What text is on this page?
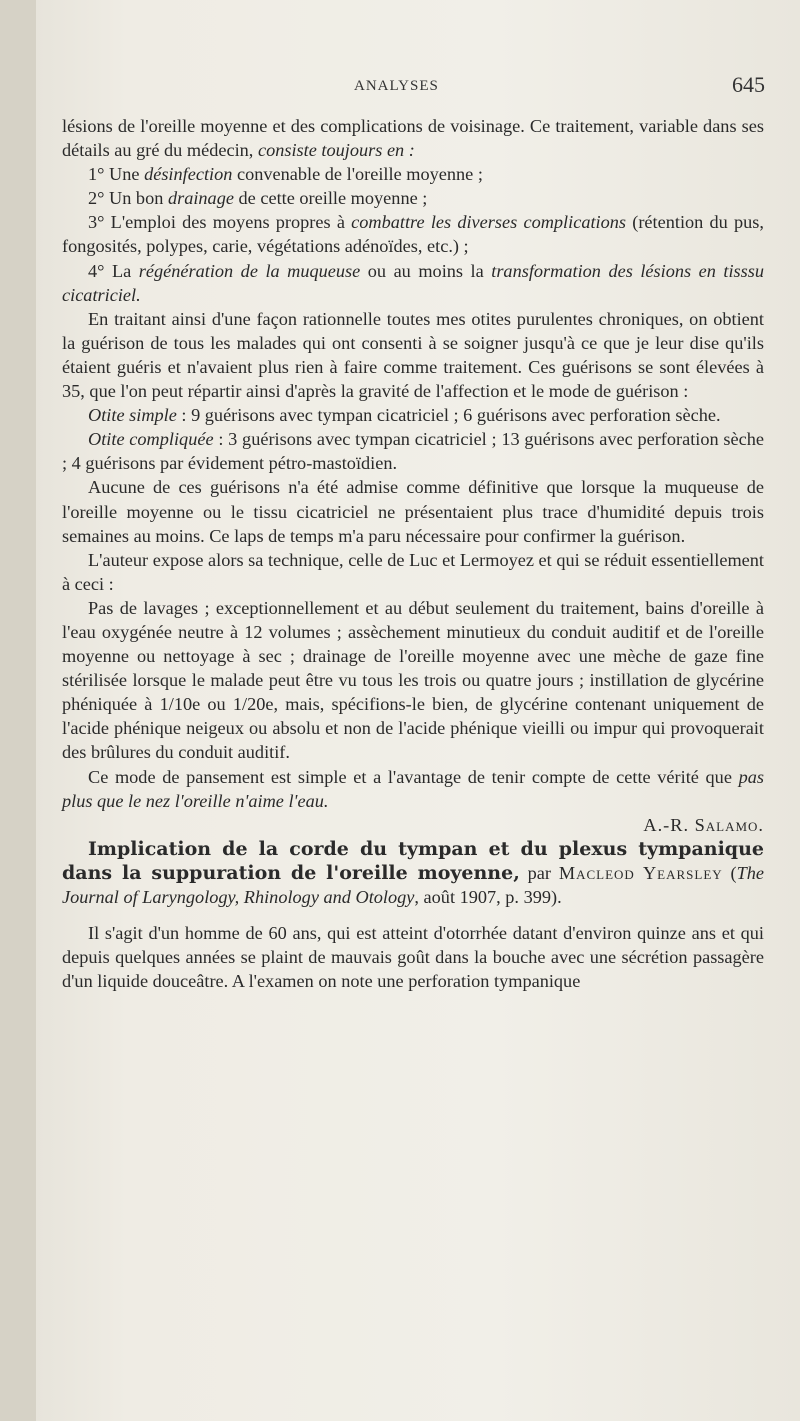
ANALYSES	645

lésions de l'oreille moyenne et des complications de voisinage. Ce traitement, variable dans ses détails au gré du médecin, consiste toujours en :

1° Une désinfection convenable de l'oreille moyenne ;

2° Un bon drainage de cette oreille moyenne ;

3° L'emploi des moyens propres à combattre les diverses complications (rétention du pus, fongosités, polypes, carie, végétations adénoïdes, etc.) ;

4° La régénération de la muqueuse ou au moins la transformation des lésions en tisssu cicatriciel.

En traitant ainsi d'une façon rationnelle toutes mes otites purulentes chroniques, on obtient la guérison de tous les malades qui ont consenti à se soigner jusqu'à ce que je leur dise qu'ils étaient guéris et n'avaient plus rien à faire comme traitement. Ces guérisons se sont élevées à 35, que l'on peut répartir ainsi d'après la gravité de l'affection et le mode de guérison :

Otite simple : 9 guérisons avec tympan cicatriciel ; 6 guérisons avec perforation sèche.

Otite compliquée : 3 guérisons avec tympan cicatriciel ; 13 guérisons avec perforation sèche ; 4 guérisons par évidement pétro-mastoïdien.

Aucune de ces guérisons n'a été admise comme définitive que lorsque la muqueuse de l'oreille moyenne ou le tissu cicatriciel ne présentaient plus trace d'humidité depuis trois semaines au moins. Ce laps de temps m'a paru nécessaire pour confirmer la guérison.

L'auteur expose alors sa technique, celle de Luc et Lermoyez et qui se réduit essentiellement à ceci :

Pas de lavages ; exceptionnellement et au début seulement du traitement, bains d'oreille à l'eau oxygénée neutre à 12 volumes ; assèchement minutieux du conduit auditif et de l'oreille moyenne ou nettoyage à sec ; drainage de l'oreille moyenne avec une mèche de gaze fine stérilisée lorsque le malade peut être vu tous les trois ou quatre jours ; instillation de glycérine phéniquée à 1/10e ou 1/20e, mais, spécifions-le bien, de glycérine contenant uniquement de l'acide phénique neigeux ou absolu et non de l'acide phénique vieilli ou impur qui provoquerait des brûlures du conduit auditif.

Ce mode de pansement est simple et a l'avantage de tenir compte de cette vérité que pas plus que le nez l'oreille n'aime l'eau.

A.-R. Salamo.

Implication de la corde du tympan et du plexus tympanique dans la suppuration de l'oreille moyenne, par Macleod Yearsley (The Journal of Laryngology, Rhinology and Otology, août 1907, p. 399).

Il s'agit d'un homme de 60 ans, qui est atteint d'otorrhée datant d'environ quinze ans et qui depuis quelques années se plaint de mauvais goût dans la bouche avec une sécrétion passagère d'un liquide douceâtre. A l'examen on note une perforation tympanique
